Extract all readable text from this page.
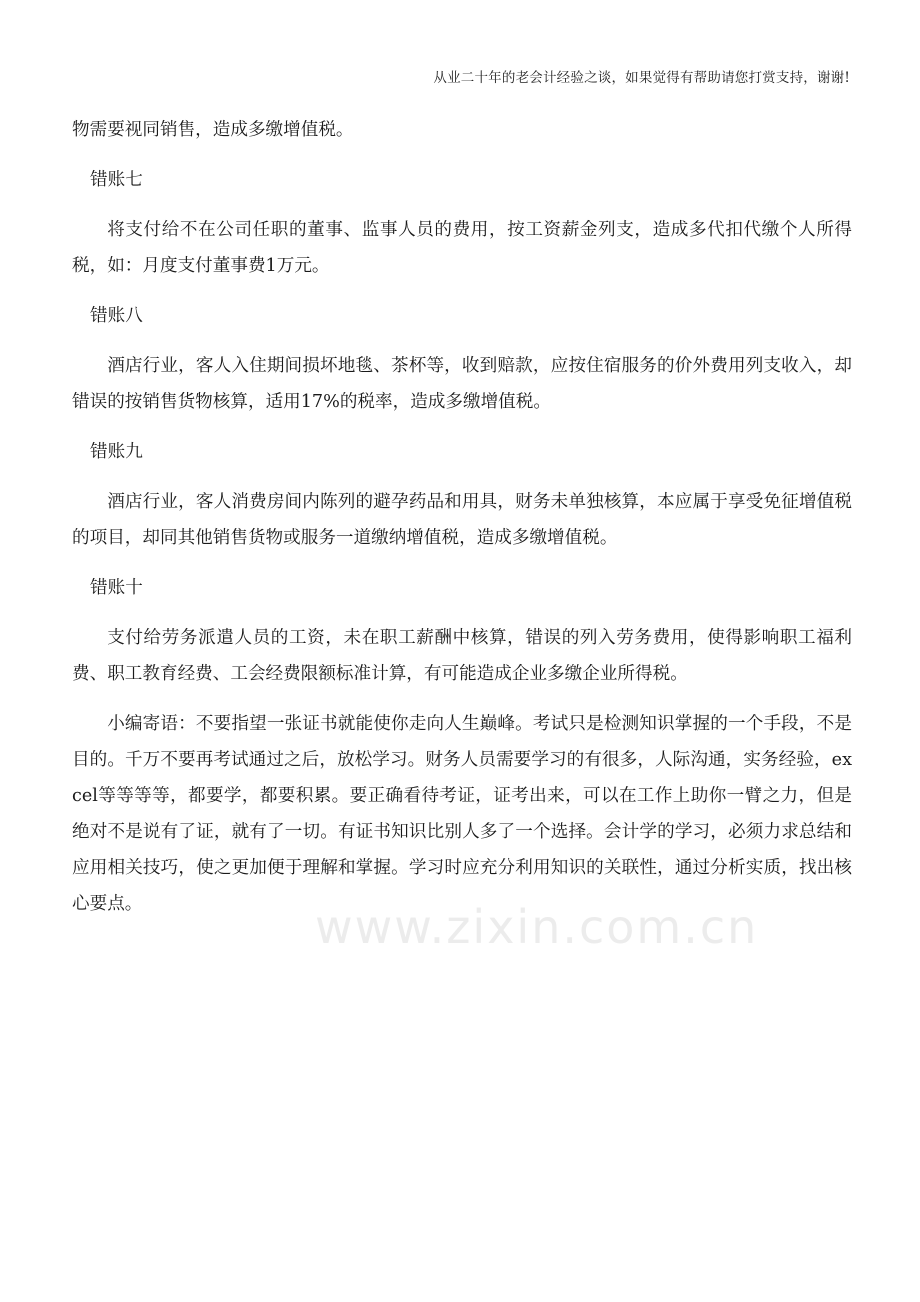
从业二十年的老会计经验之谈，如果觉得有帮助请您打赏支持，谢谢!

物需要视同销售，造成多缴增值税。

错账七

将支付给不在公司任职的董事、监事人员的费用，按工资薪金列支，造成多代扣代缴个人所得税，如：月度支付董事费1万元。

错账八

酒店行业，客人入住期间损坏地毯、茶杯等，收到赔款，应按住宿服务的价外费用列支收入，却错误的按销售货物核算，适用17%的税率，造成多缴增值税。

错账九

酒店行业，客人消费房间内陈列的避孕药品和用具，财务未单独核算，本应属于享受免征增值税的项目，却同其他销售货物或服务一道缴纳增值税，造成多缴增值税。

错账十

支付给劳务派遣人员的工资，未在职工薪酬中核算，错误的列入劳务费用，使得影响职工福利费、职工教育经费、工会经费限额标准计算，有可能造成企业多缴企业所得税。

小编寄语：不要指望一张证书就能使你走向人生巅峰。考试只是检测知识掌握的一个手段，不是目的。千万不要再考试通过之后，放松学习。财务人员需要学习的有很多，人际沟通，实务经验，excel等等等等，都要学，都要积累。要正确看待考证，证考出来，可以在工作上助你一臂之力，但是绝对不是说有了证，就有了一切。有证书知识比别人多了一个选择。会计学的学习，必须力求总结和应用相关技巧，使之更加便于理解和掌握。学习时应充分利用知识的关联性，通过分析实质，找出核心要点。	www.zixin.com.cn
